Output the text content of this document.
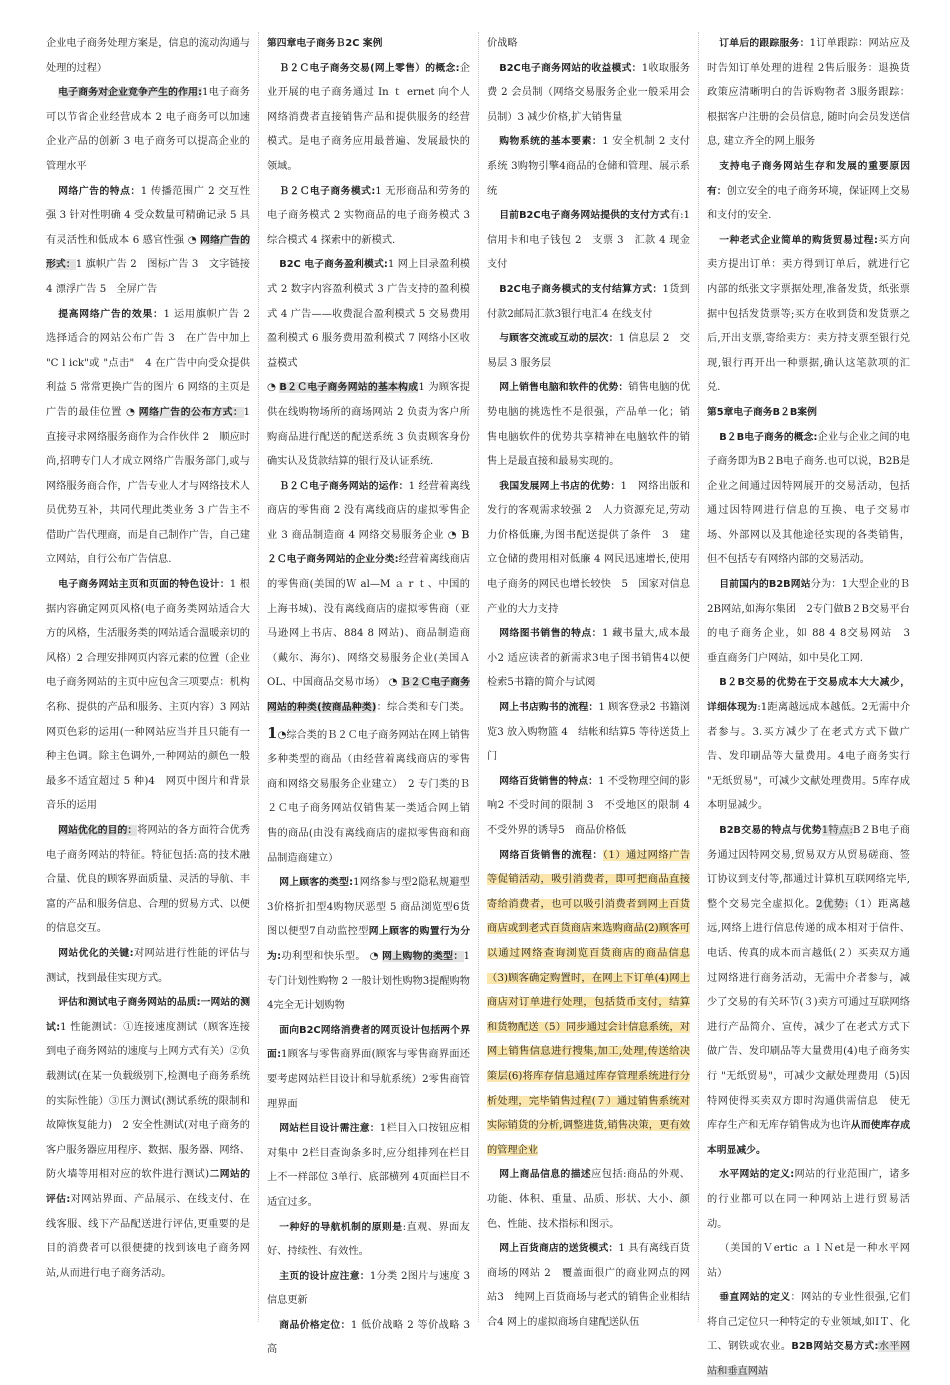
企业电子商务处理方案是，信息的流动沟通与处理的过程）

电子商务对企业竞争产生的作用:1电子商务可以节省企业经营成本 2 电子商务可以加速企业产品的创新 3 电子商务可以提高企业的管理水平

网络广告的特点：1 传播范围广 2 交互性强 3 针对性明确 4 受众数量可精确记录 5 具有灵活性和低成本 6 感官性强 ◔ 网络广告的形式：1 旗帜广告 2　图标广告 3　文字链接 4 漂浮广告 5　全屏广告

提高网络广告的效果：1 运用旗帜广告 2 选择适合的网站公布广告 3　在广告中加上 "C l ick"或 "点击"　4 在广告中向受众提供利益 5 常常更换广告的图片 6 网络的主页是广告的最佳位置 ◔ 网络广告的公布方式：1 直接寻求网络服务商作为合作伙伴 2　顺应时尚,招聘专门人才成立网络广告服务部门,或与网络服务商合作，广告专业人才与网络技术人员优势互补，共同代理此类业务 3 广告主不借助广告代理商，而是自己制作广告，自己建立网站，自行公布广告信息.

电子商务网站主页和页面的特色设计：1 根据内容确定网页风格(电子商务类网站适合大方的风格，生活服务类的网站适合温暖亲切的风格）2 合理安排网页内容元素的位置（企业电子商务网站的主页中应包含三项要点：机构名称、提供的产品和服务、主页内容）3 网站网页色彩的运用(一种网站应当并且只能有一种主色调。除主色调外,一种网站的颜色一般最多不适宜超过 5 种)4　网页中图片和背景音乐的运用

网站优化的目的：将网站的各方面符合优秀电子商务网站的特征。特征包括:高的技术融合量、优良的顾客界面质量、灵活的导航、丰富的产品和服务信息、合理的贸易方式、以便的信息交互。

网站优化的关键:对网站进行性能的评估与测试，找到最佳实现方式。

评估和测试电子商务网站的品质:一网站的测试:1 性能测试：①连接速度测试（顾客连接到电子商务网站的速度与上网方式有关）②负载测试(在某一负载级别下,检测电子商务系统的实际性能）③压力测试(测试系统的限制和故障恢复能力)　2 安全性测试(对电子商务的客户服务器应用程序、数据、服务器、网络、防火墙等用相对应的软件进行测试)二网站的评估:对网站界面、产品展示、在线支付、在线客服、线下产品配送进行评估,更重要的是目的消费者可以很便捷的找到该电子商务网站,从而进行电子商务活动。

第四章电子商务Ｂ2C 案例

Ｂ２Ｃ电子商务交易(网上零售）的概念:企业开展的电子商务通过 In ｔ ernet 向个人网络消费者直接销售产品和提供服务的经营模式。是电子商务应用最普遍、发展最快的领域。

Ｂ２Ｃ电子商务模式:1 无形商品和劳务的电子商务模式 2 实物商品的电子商务模式 3 综合模式 4 探索中的新模式.

B2C 电子商务盈利模式:1 网上目录盈利模式 2 数字内容盈利模式 3 广告支持的盈利模式 4 广告——收费混合盈利模式 5 交易费用盈利模式 6 服务费用盈利模式 7 网络小区收益模式

◔ B２Ｃ电子商务网站的基本构成1 为顾客提供在线购物场所的商场网站 2 负责为客户所购商品进行配送的配送系统 3 负责顾客身份确实认及货款结算的银行及认证系统.

Ｂ２Ｃ电子商务网站的运作：1 经营着离线商店的零售商 2 没有离线商店的虚拟零售企业 3 商品制造商 4 网络交易服务企业 ◔ Ｂ２Ｃ电子商务网站的企业分类:经营着离线商店的零售商(美国的Ｗ al—M ａ r ｔ、中国的上海书城)、没有离线商店的虚拟零售商（亚马逊网上书店、884 8 网站)、商品制造商（戴尔、海尔)、网络交易服务企业(美国Ａ OL、中国商品交易市场） ◔ Ｂ２Ｃ电子商务网站的种类(按商品种类)：综合类和专门类。1◔综合类的Ｂ２Ｃ电子商务网站在网上销售多种类型的商品（由经营着离线商店的零售商和网络交易服务企业建立）　2 专门类的Ｂ２Ｃ电子商务网站仅销售某一类适合网上销售的商品(由没有离线商店的虚拟零售商和商品制造商建立）

网上顾客的类型:1网络参与型2隐私规避型3价格折扣型4购物厌恶型 5 商品浏览型6货图以便型7自动监控型网上顾客的购置行为分为:功利型和快乐型。 ◔ 网上购物的类型：1 专门计划性购物 2 一般计划性购物3提醒购物 4完全无计划购物

面向B2C网络消费者的网页设计包括两个界面:1顾客与零售商界面(顾客与零售商界面还要考虑网站栏目设计和导航系统）2零售商管理界面

网站栏目设计需注意：1栏目入口按钮应相对集中 2栏目查询条多时,应分组排列在栏目上不一样部位 3单行、底部横列 4页面栏目不适宜过多。

一种好的导航机制的原则是:直观、界面友好、持续性、有效性。

主页的设计应注意：1分类 2图片与速度 3信息更新

商品价格定位：1 低价战略 2 等价战略 3 高

价战略

B2C电子商务网站的收益模式：1收取服务费 2 会员制（网络交易服务企业一般采用会员制）3 减少价格,扩大销售量

购物系统的基本要素：1 安全机制 2 支付系统 3购物引擎4商品的仓储和管理、展示系统

目前B2C电子商务网站提供的支付方式有:1 信用卡和电子钱包 2　支票 3　汇款 4 现金支付

B2C电子商务模式的支付结算方式：1货到付款2邮局汇款3银行电汇4 在线支付

与顾客交流或互动的层次：1 信息层 2　交易层 3 服务层

网上销售电脑和软件的优势：销售电脑的优势电脑的挑选性不是很强，产品单一化；销售电脑软件的优势共享精神在电脑软件的销售上是最直接和最易实现的。

我国发展网上书店的优势：1　网络出版和发行的客观需求较强 2　人力资源充足,劳动力价格低廉,为图书配送提供了条件　3　建立仓储的费用相对低廉 4 网民迅速增长,使用电子商务的网民也增长较快　5　国家对信息产业的大力支持

网络图书销售的特点：1 藏书量大,成本最小2 适应读者的新需求3电子图书销售4以便检索5书籍的简介与试阅

网上书店购书的流程：1 顾客登录2 书籍浏览3 放入购物篮 4　结帐和结算5 等待送货上门

网络百货销售的特点：1 不受物理空间的影响2 不受时间的限制 3　不受地区的限制 4　不受外界的诱导5　商品价格低

网络百货销售的流程：（1）通过网络广告等促销活动，吸引消费者，即可把商品直接寄给消费者，也可以吸引消费者到网上百货商店或到老式百货商店来选购商品(2)顾客可以通过网络查询浏览百货商店的商品信息（3)顾客确定购置时，在网上下订单(4)网上商店对订单进行处理，包括货币支付，结算和货物配送（5）同步通过会计信息系统，对网上销售信息进行搜集,加工,处理,传送给决策层(6)将库存信息通过库存管理系统进行分析处理，完毕销售过程(７）通过销售系统对实际销货的分析,调整进货,销售决策，更有效的管理企业

网上商品信息的描述应包括:商品的外观、功能、体积、重量、品质、形状、大小、颜色、性能、技术指标和图示。

网上百货商店的送货模式：1 具有离线百货商场的网站 2　覆盖面很广的商业网点的网站3　纯网上百货商场与老式的销售企业相结合4 网上的虚拟商场自建配送队伍

订单后的跟踪服务：1订单跟踪：网站应及时告知订单处理的进程 2售后服务：退换货政策应清晰明白的告诉购物者 3服务跟踪：根据客户注册的会员信息, 随时向会员发送信息, 建立齐全的网上服务

支持电子商务网站生存和发展的重要原因有：创立安全的电子商务环境，保证网上交易和支付的安全.

一种老式企业简单的购货贸易过程:买方向卖方提出订单：卖方得到订单后，就进行它内部的纸张文字票据处理,准备发货，纸张票据中包括发货票等;买方在收到货和发货票之后,开出支票,寄给卖方：卖方持支票至银行兑现,银行再开出一种票据,确认这笔款项的汇兑.

第5章电子商务B２B案例

B２B电子商务的概念:企业与企业之间的电子商务即为B２B电子商务.也可以说，B2B是企业之间通过因特网展开的交易活动，包括通过因特网进行信息的互换、电子交易市场、外部网以及其他途径实现的各类销售，但不包括专有网络内部的交易活动。

目前国内的B2B网站分为：1大型企业的Ｂ2B网站,如海尔集团　2专门做B２B交易平台的电子商务企业，如 88 4 8交易网站　3　垂直商务门户网站，如中昊化工网.

B２B交易的优势在于交易成本大大减少，详细体现为:1距离越远成本越低。2无需中介者参与。3.买方减少了在老式方式下做广告、发印刷品等大量费用。4电子商务实行 "无纸贸易"，可减少文献处理费用。5库存成本明显减少。

B2B交易的特点与优势1特点:B２B电子商务通过因特网交易,贸易双方从贸易磋商、签订协议到支付等,都通过计算机互联网络完毕,整个交易完全虚拟化。2优势:（1）距离越远,网络上进行信息传递的成本相对于信件、电话、传真的成本而言越低(２）买卖双方通过网络进行商务活动，无需中介者参与，减少了交易的有关环节(３)卖方可通过互联网络进行产品简介、宣传，减少了在老式方式下做广告、发印刷品等大量费用(4)电子商务实行 "无纸贸易"，可减少文献处理费用（5)因特网使得买卖双方即时沟通供需信息　使无库存生产和无库存销售成为也许从而使库存成本明显减少。

水平网站的定义:网站的行业范围广，诸多的行业都可以在同一种网站上进行贸易活动。

（美国的Ｖertic ａ l Ｎet是一种水平网站）

垂直网站的定义：网站的专业性很强,它们将自己定位只一种特定的专业领域,如IＴ、化工、钢铁或农业。B2B网站交易方式:水平网站和垂直网站
